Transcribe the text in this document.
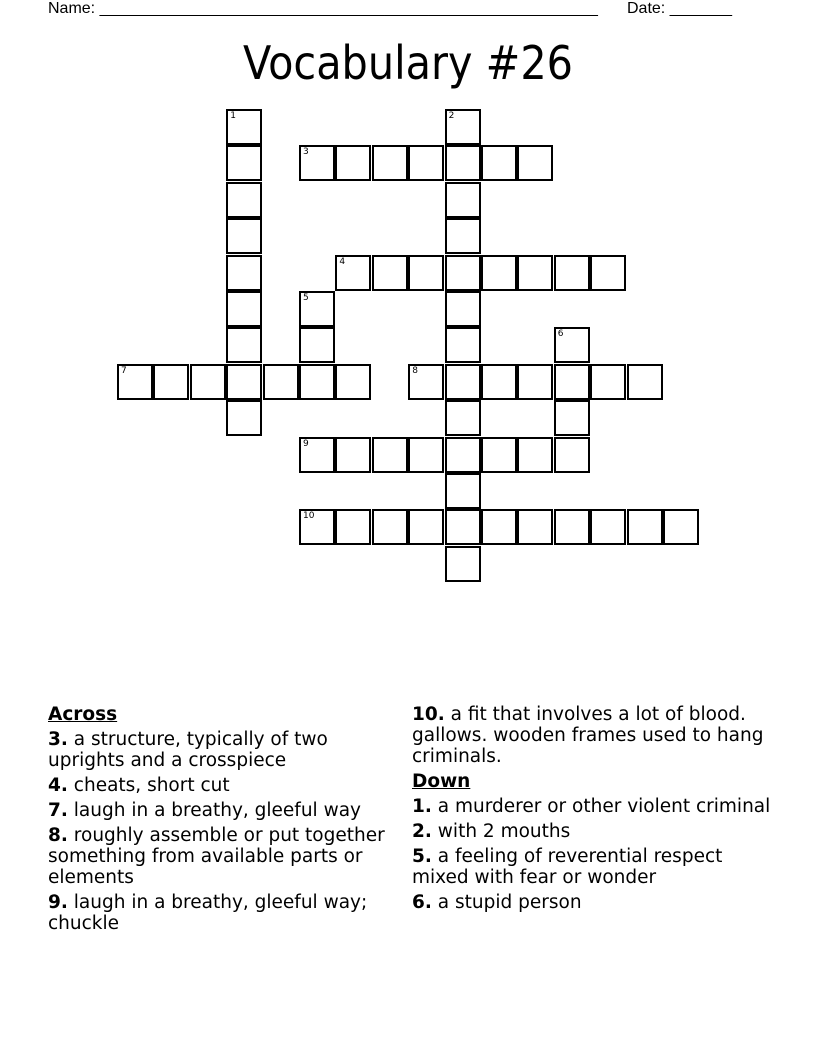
Name: ________________________________________________________ Date: _______
Vocabulary #26
3
4
7	8
9
10
1	2
5
6
Across
3. a structure, typically of two uprights and a crosspiece
4. cheats, short cut
7. laugh in a breathy, gleeful way
8. roughly assemble or put together something from available parts or elements
9. laugh in a breathy, gleeful way; chuckle
10. a fit that involves a lot of blood. gallows. wooden frames used to hang criminals.
Down
1. a murderer or other violent criminal
2. with 2 mouths
5. a feeling of reverential respect mixed with fear or wonder
6. a stupid person
